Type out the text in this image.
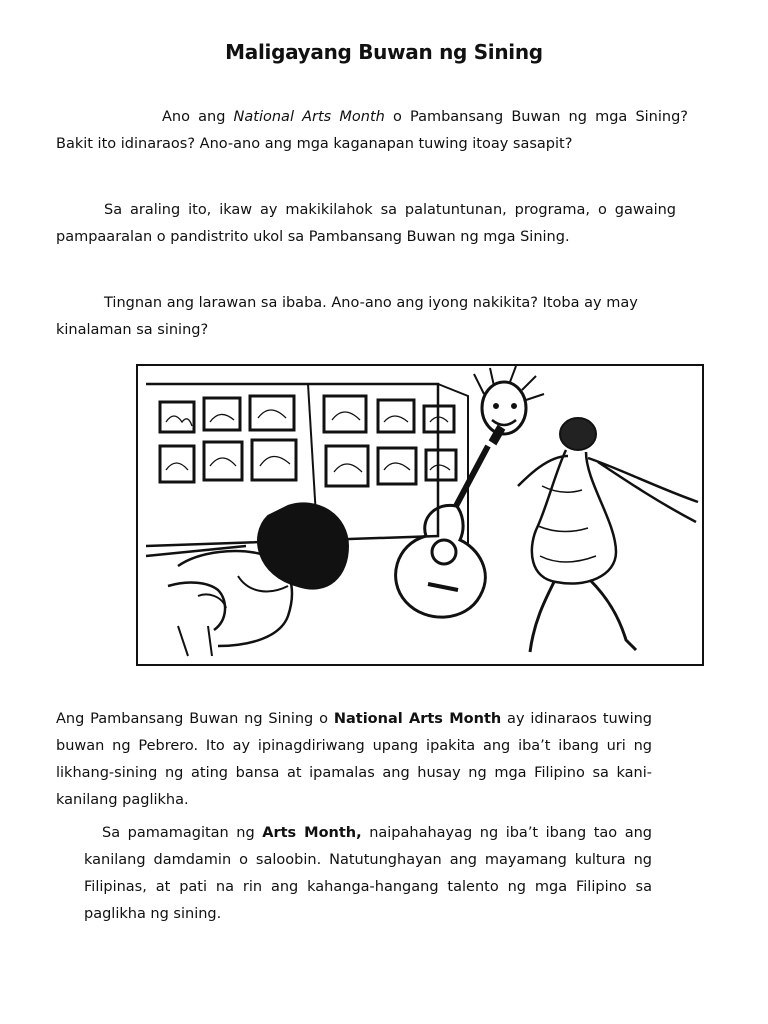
Maligayang Buwan ng Sining

Ano ang National Arts Month o Pambansang Buwan ng mga Sining? Bakit ito idinaraos? Ano-ano ang mga kaganapan tuwing itoay sasapit?

Sa araling ito, ikaw ay makikilahok sa palatuntunan, programa, o gawaing pampaaralan o pandistrito ukol sa Pambansang Buwan ng mga Sining.

Tingnan ang larawan sa ibaba. Ano-ano ang iyong nakikita? Itoba ay may kinalaman sa sining?

Ang Pambansang Buwan ng Sining o National Arts Month ay idinaraos tuwing buwan ng Pebrero. Ito ay ipinagdiriwang upang ipakita ang iba’t ibang uri ng likhang-sining ng ating bansa at ipamalas ang husay ng mga Filipino sa kani-kanilang paglikha.

Sa pamamagitan ng Arts Month, naipahahayag ng iba’t ibang tao ang kanilang damdamin o saloobin. Natutunghayan ang mayamang kultura ng Filipinas, at pati na rin ang kahanga-hangang talento ng mga Filipino sa paglikha ng sining.
